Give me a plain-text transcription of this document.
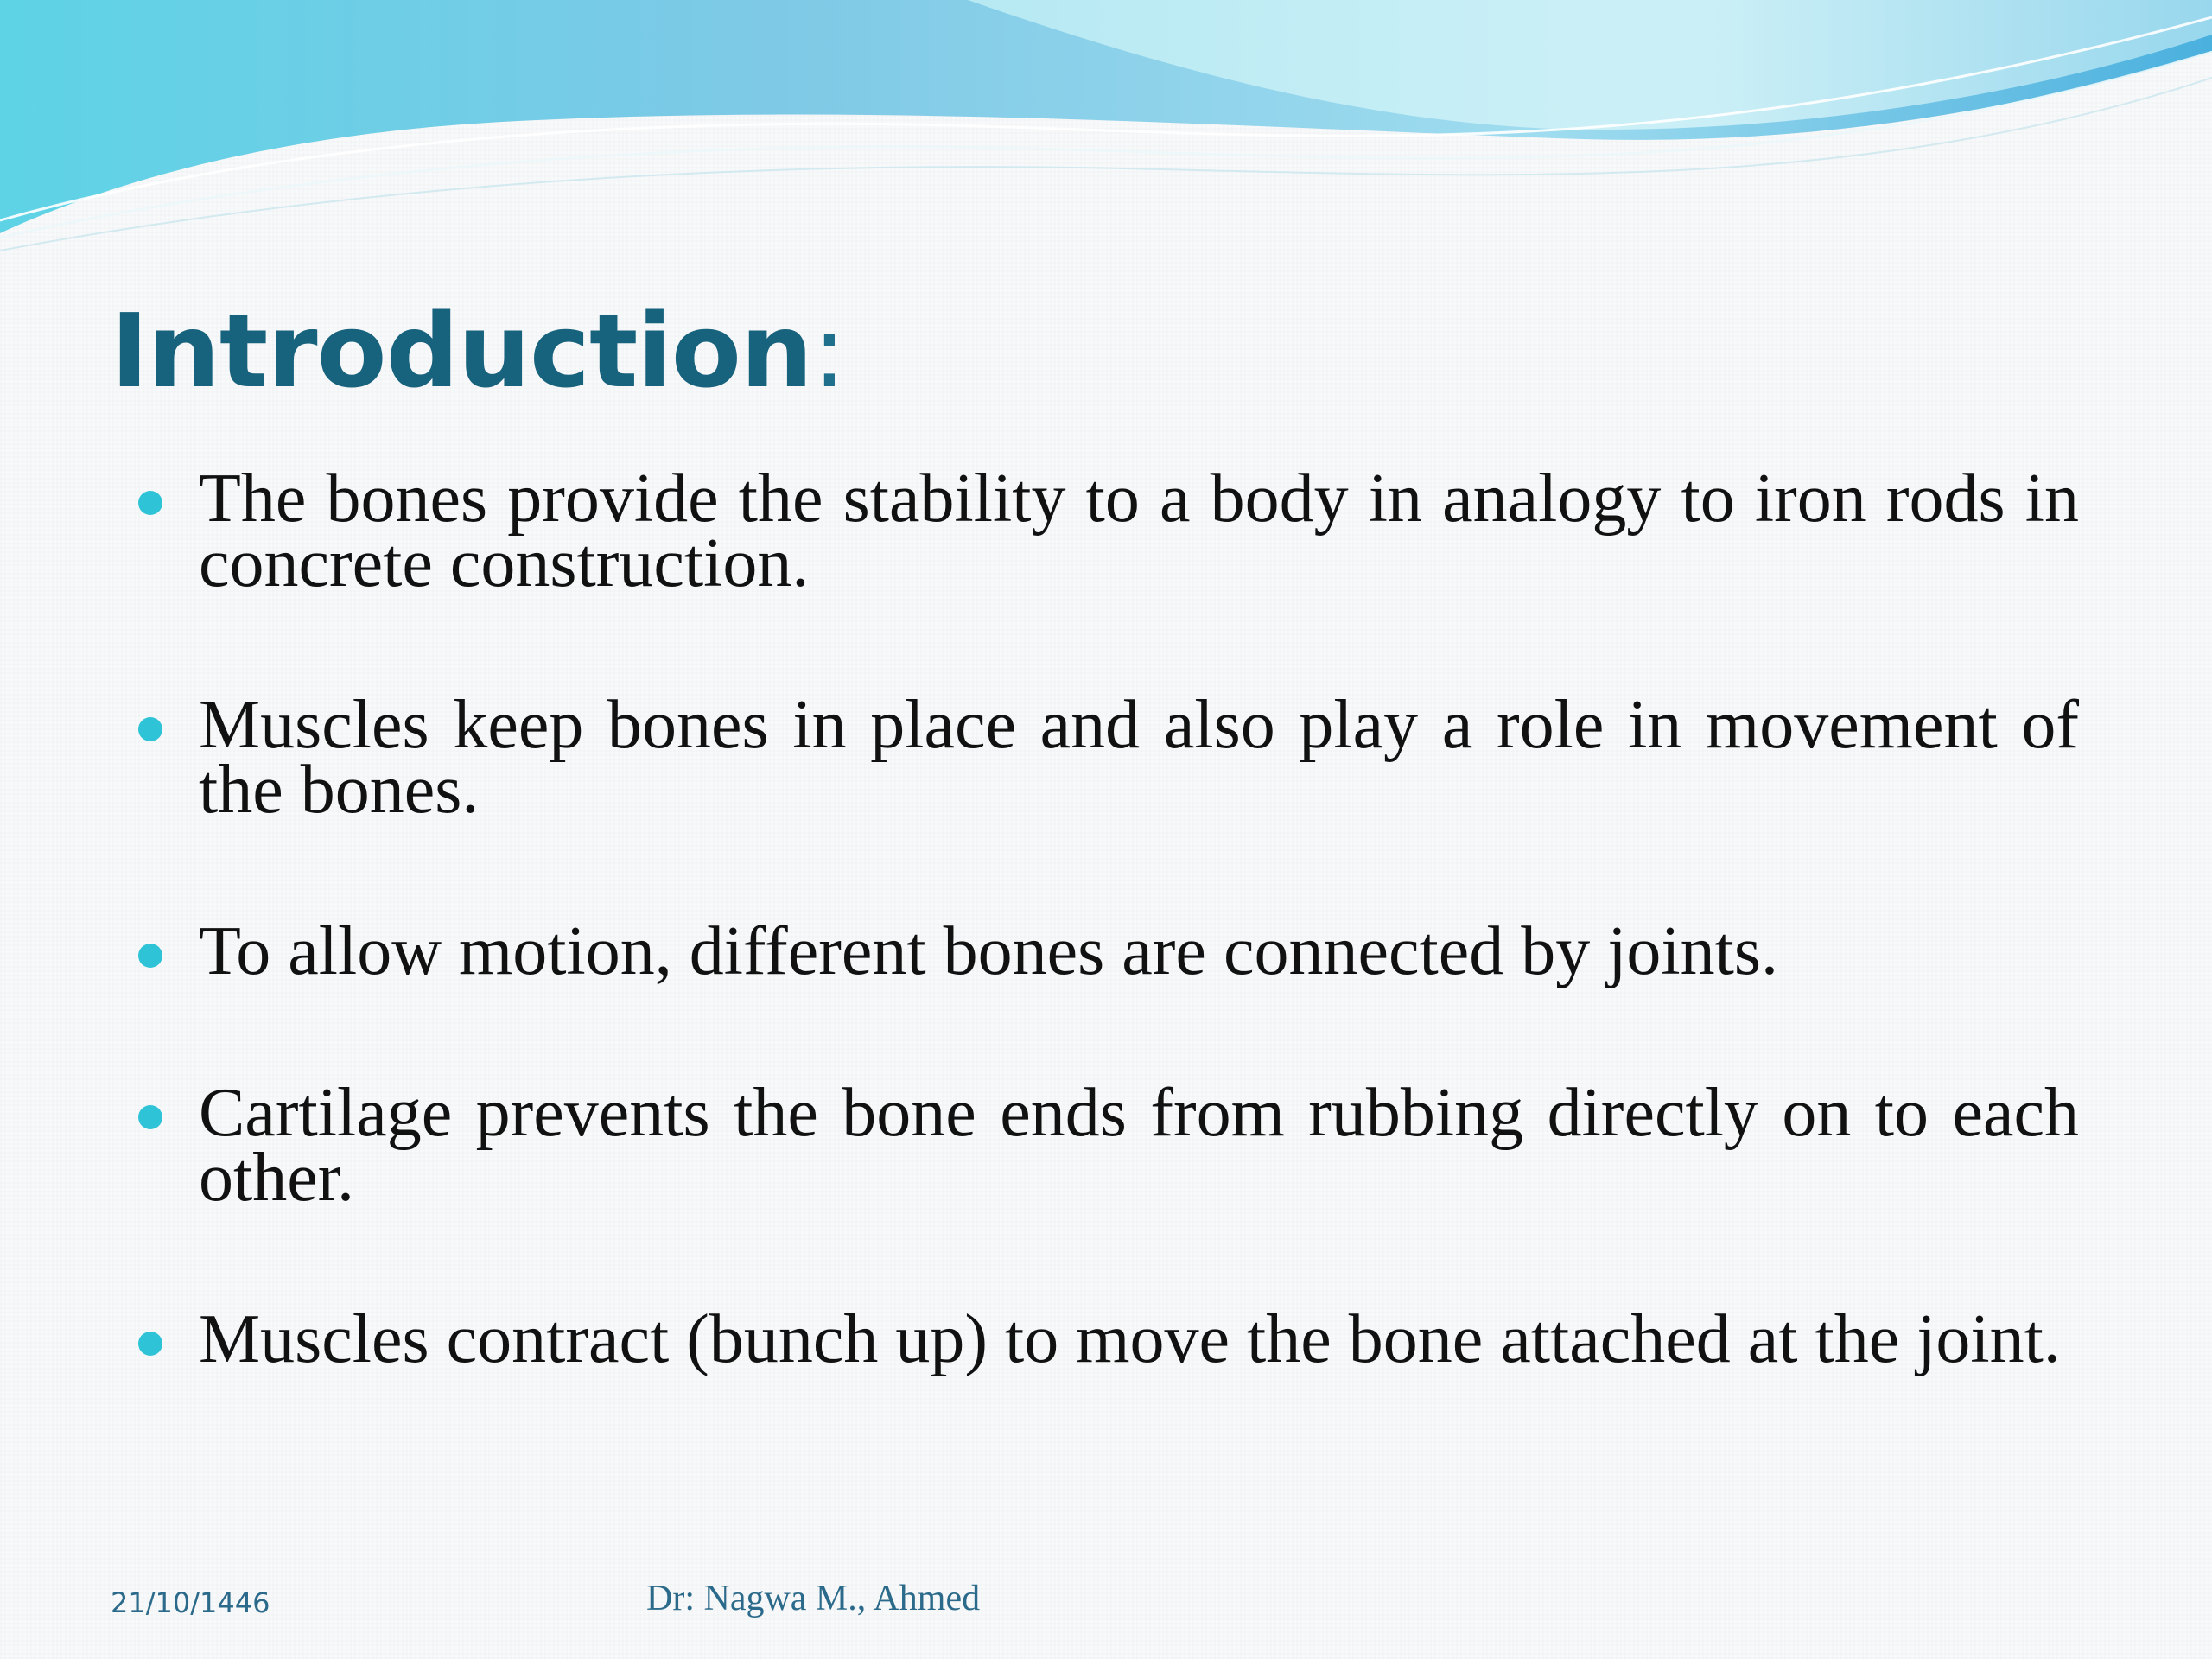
Introduction:
The bones provide the stability to a body in analogy to iron rods in concrete construction.
Muscles keep bones in place and also play a role in movement of the bones.
To allow motion, different bones are connected by joints.
Cartilage prevents the bone ends from rubbing directly on to each other.
Muscles contract (bunch up) to move the bone attached at the joint.
21/10/1446	Dr: Nagwa M., Ahmed
